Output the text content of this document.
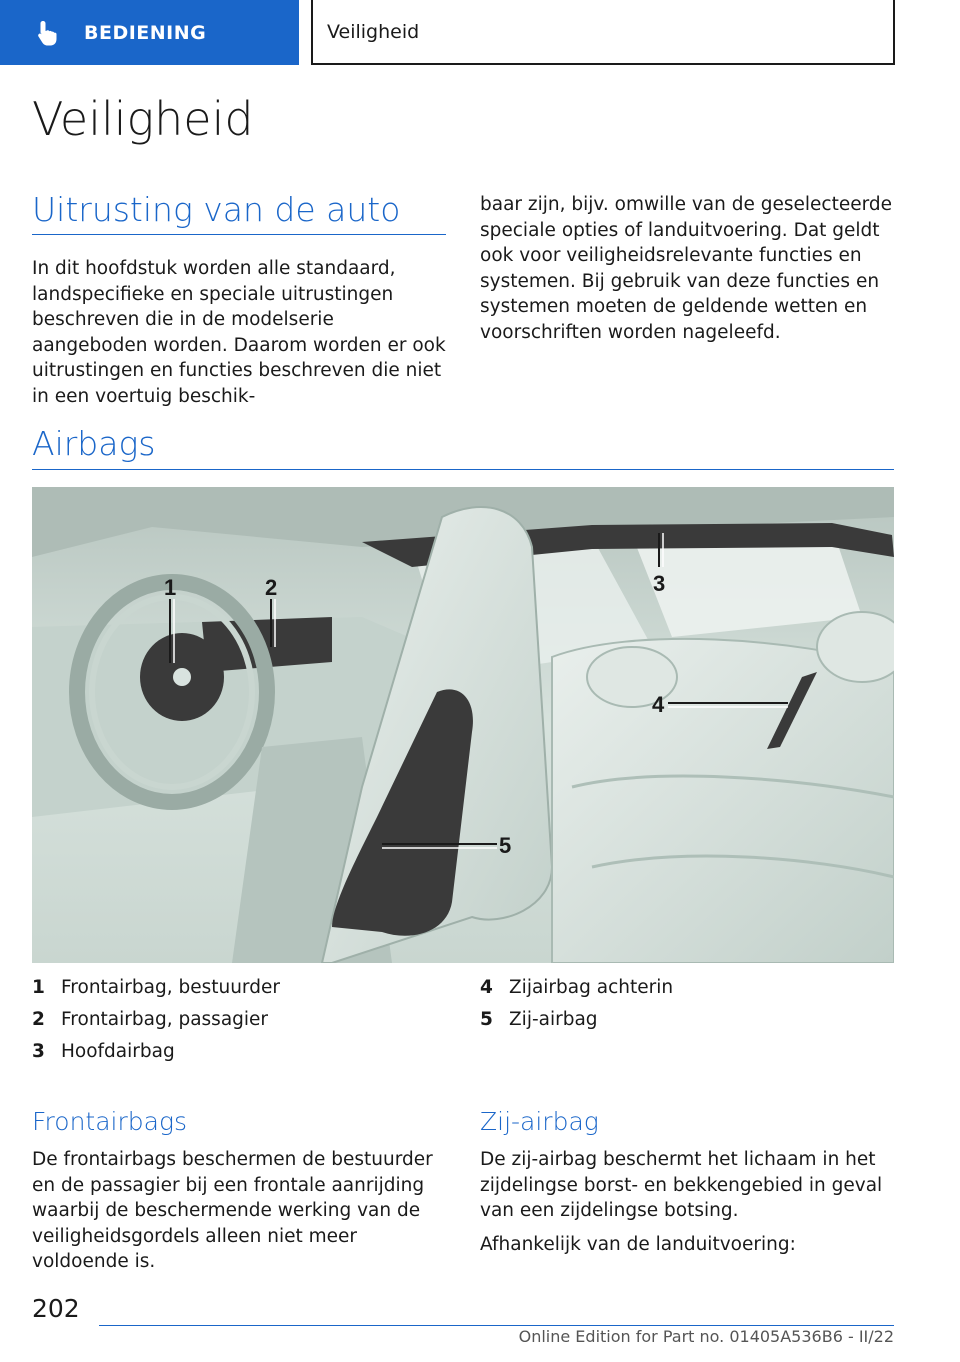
BEDIENING	Veiligheid
Veiligheid
Uitrusting van de auto

In dit hoofdstuk worden alle standaard, landspecifieke en speciale uitrustingen beschreven die in de modelserie aangeboden worden. Daarom worden er ook uitrustingen en functies beschreven die niet in een voertuig beschik-

baar zijn, bijv. omwille van de geselecteerde speciale opties of landuitvoering. Dat geldt ook voor veiligheidsrelevante functies en systemen. Bij gebruik van deze functies en systemen moeten de geldende wetten en voorschriften worden nageleefd.

Airbags
1	2	3
4
5
1 Frontairbag, bestuurder
2 Frontairbag, passagier
3 Hoofdairbag
4 Zijairbag achterin
5 Zij-airbag
Frontairbags

De frontairbags beschermen de bestuurder en de passagier bij een frontale aanrijding waarbij de beschermende werking van de veiligheidsgordels alleen niet meer voldoende is.

Zij-airbag

De zij-airbag beschermt het lichaam in het zijdelingse borst- en bekkengebied in geval van een zijdelingse botsing.

Afhankelijk van de landuitvoering:

202
Online Edition for Part no. 01405A536B6 - II/22
